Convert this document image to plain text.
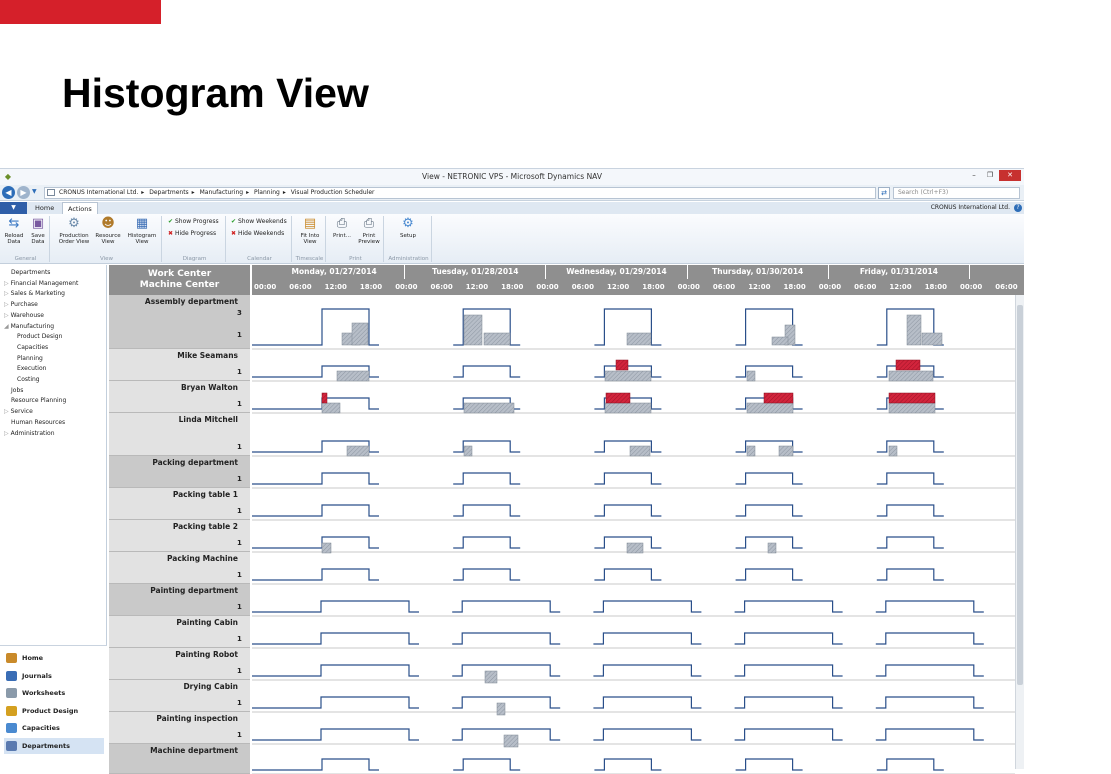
Histogram View
◆	View - NETRONIC VPS - Microsoft Dynamics NAV	–	❐	✕
◀	▶ ▼	CRONUS International Ltd. ▸ Departments ▸ Manufacturing ▸ Planning ▸ Visual Production Scheduler	⇄	Search (Ctrl+F3)
▼	Home	Actions	CRONUS International Ltd.	?
⇆
Reload Data
▣
Save Data
General
⚙
Production Order View
☻
Resource View
▦
Histogram View
View
✔ Show Progress
✖ Hide Progress
Diagram
✔ Show Weekends
✖ Hide Weekends
Calendar
▤
Fit Into View
Timescale
⎙
Print...
⎙
Print Preview
Print
⚙
Setup
Administration
Departments
▷ Financial Management
▷ Sales & Marketing
▷ Purchase
▷ Warehouse
◢ Manufacturing
Product Design
Capacities
Planning
Execution
Costing
Jobs
Resource Planning
▷ Service
Human Resources
▷ Administration
Home
Journals
Worksheets
Product Design
Capacities
Departments
Work Center
Machine Center
Monday, 01/27/2014
00:00 06:00 12:00 18:00
Tuesday, 01/28/2014
00:00 06:00 12:00 18:00
Wednesday, 01/29/2014
00:00 06:00 12:00 18:00
Thursday, 01/30/2014
00:00 06:00 12:00 18:00
Friday, 01/31/2014
00:00 06:00 12:00 18:00
M
00:00 06:00 12:00 18:00
Assembly department
3
1
Mike Seamans
1
Bryan Walton
1
Linda Mitchell
1
Packing department
1
Packing table 1
1
Packing table 2
1
Packing Machine
1
Painting department
1
Painting Cabin
1
Painting Robot
1
Drying Cabin
1
Painting inspection
1
Machine department
